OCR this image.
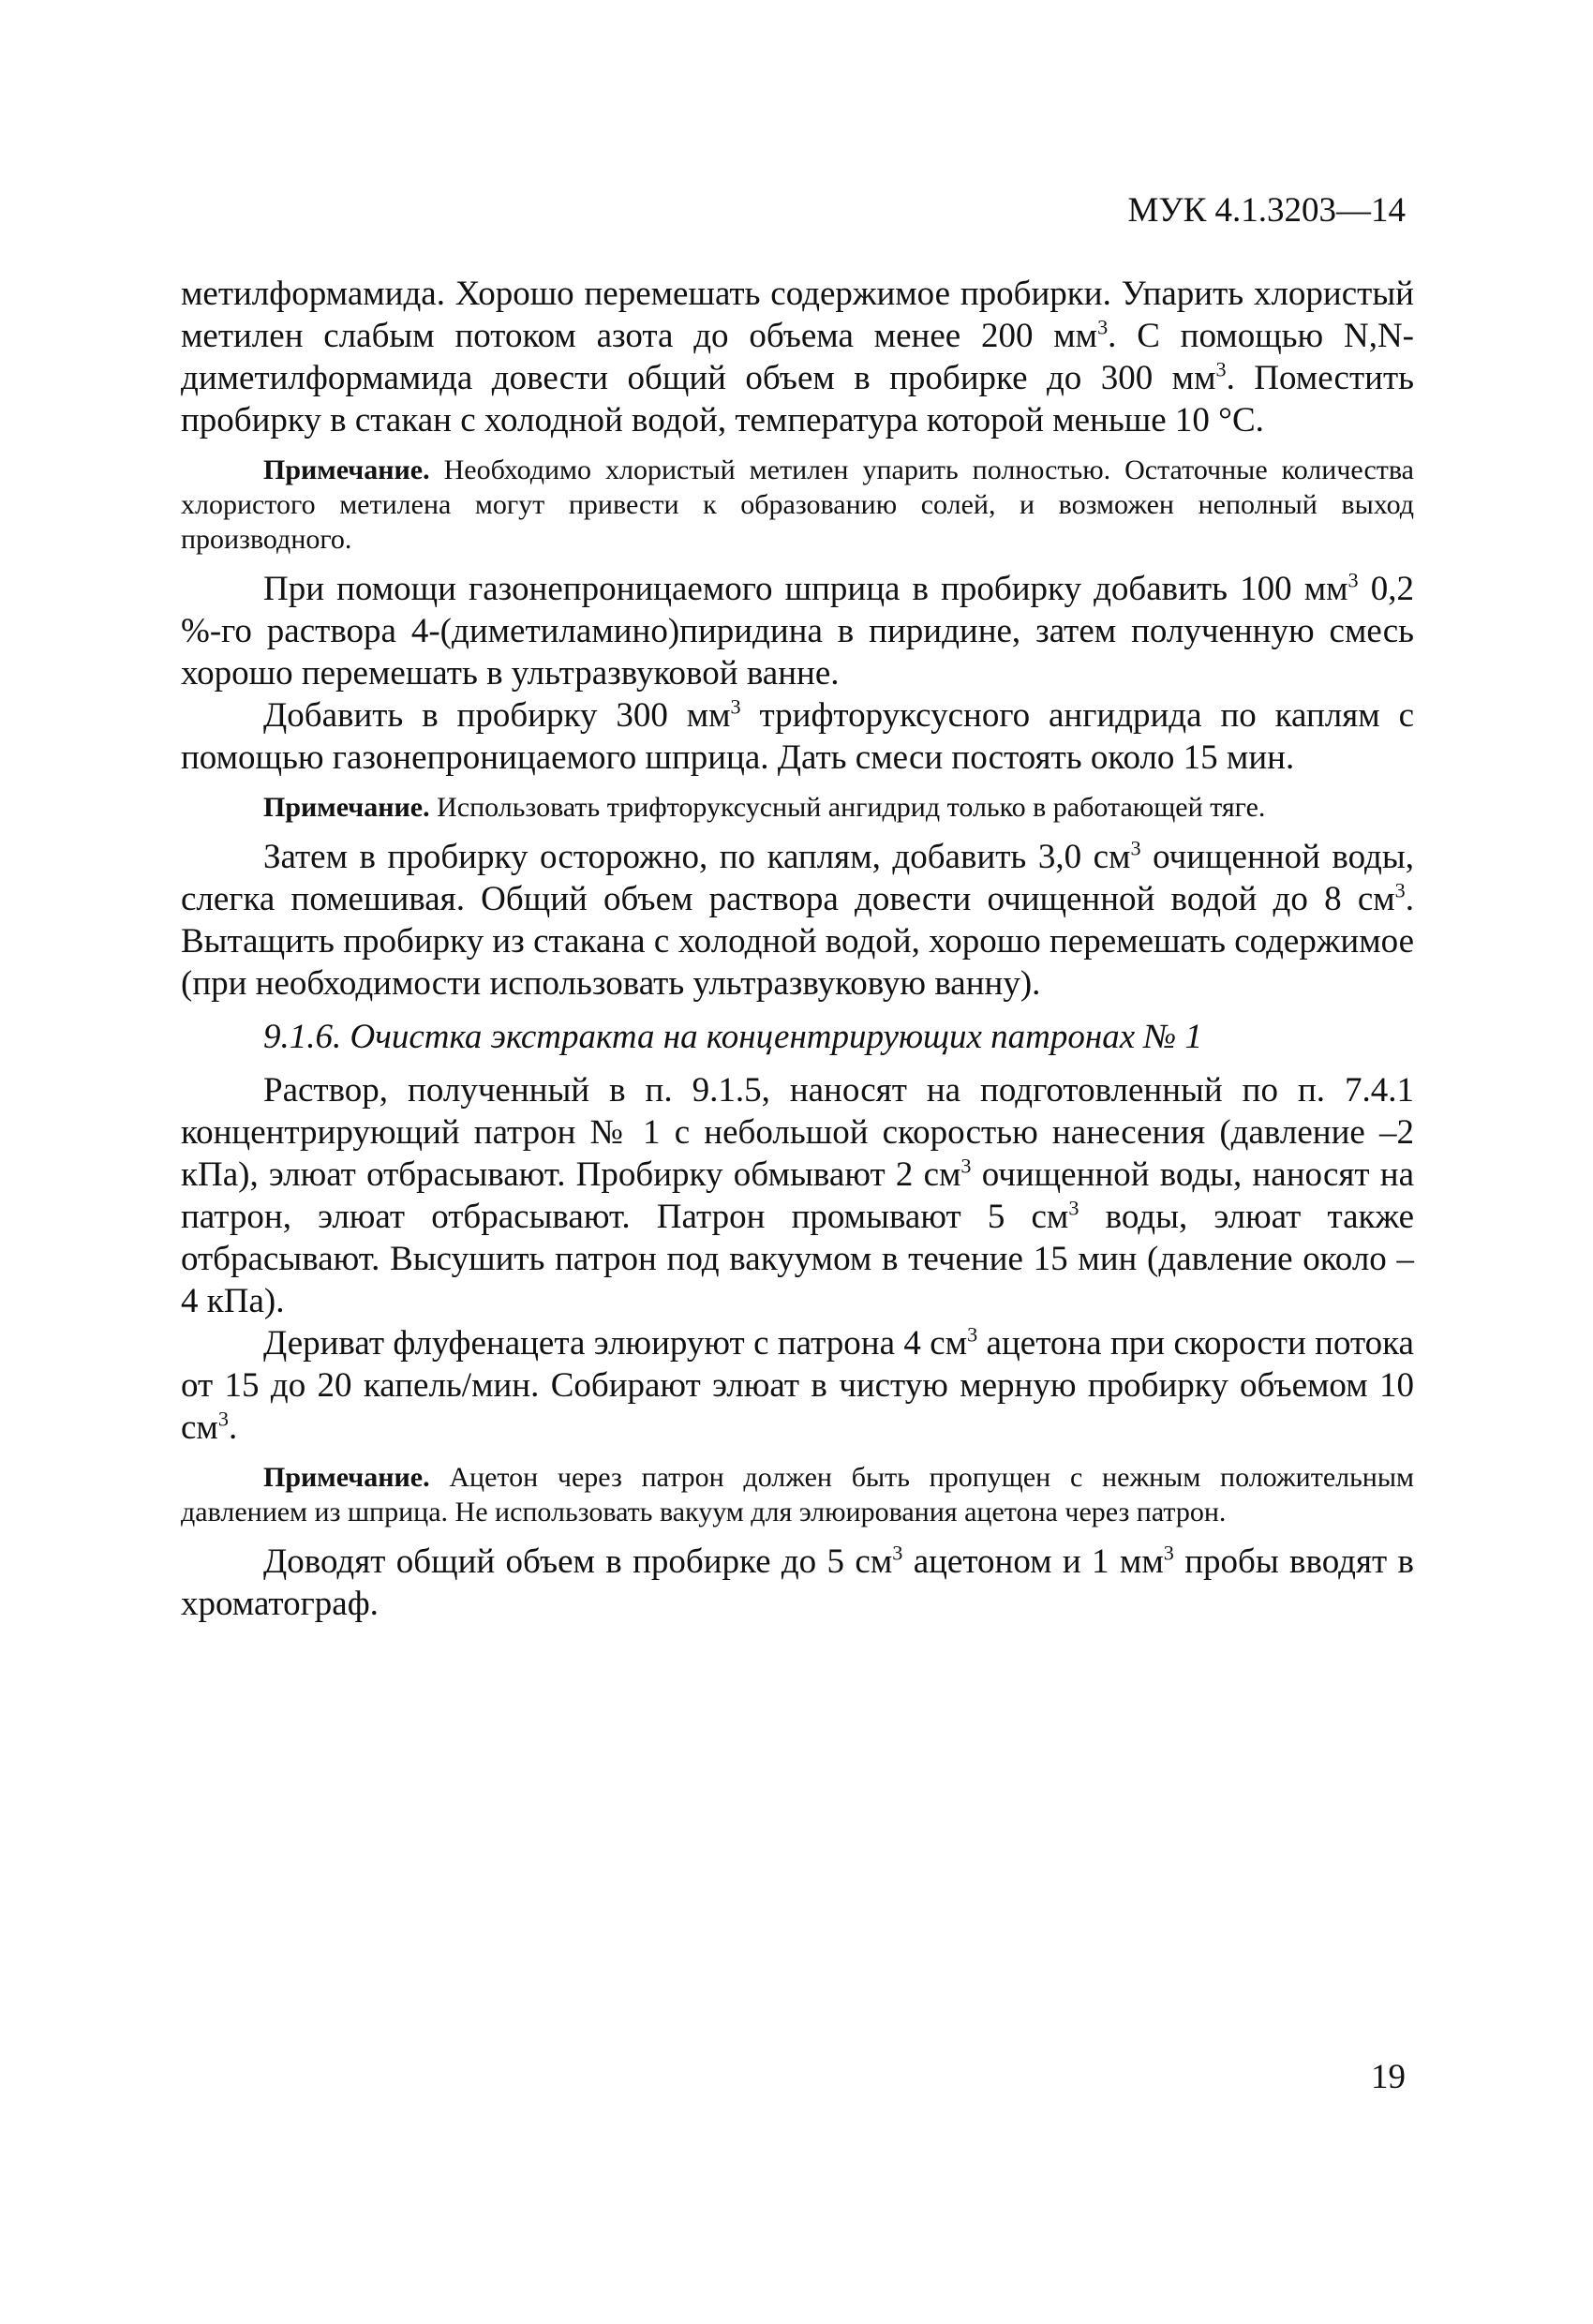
МУК 4.1.3203—14

метилформамида. Хорошо перемешать содержимое пробирки. Упарить хлористый метилен слабым потоком азота до объема менее 200 $мм^3$. С помощью N,N-диметилформамида довести общий объем в пробирке до 300 $мм^3$. Поместить пробирку в стакан с холодной водой, температура которой меньше 10 °С.

Примечание. Необходимо хлористый метилен упарить полностью. Остаточные количества хлористого метилена могут привести к образованию солей, и возможен неполный выход производного.

При помощи газонепроницаемого шприца в пробирку добавить 100 $мм^3$ 0,2 %-го раствора 4-(диметиламино)пиридина в пиридине, затем полученную смесь хорошо перемешать в ультразвуковой ванне.

Добавить в пробирку 300 $мм^3$ трифторуксусного ангидрида по каплям с помощью газонепроницаемого шприца. Дать смеси постоять около 15 мин.

Примечание. Использовать трифторуксусный ангидрид только в работающей тяге.

Затем в пробирку осторожно, по каплям, добавить 3,0 $см^3$ очищенной воды, слегка помешивая. Общий объем раствора довести очищенной водой до 8 $см^3$. Вытащить пробирку из стакана с холодной водой, хорошо перемешать содержимое (при необходимости использовать ультразвуковую ванну).

9.1.6. Очистка экстракта на концентрирующих патронах № 1

Раствор, полученный в п. 9.1.5, наносят на подготовленный по п. 7.4.1 концентрирующий патрон № 1 с небольшой скоростью нанесения (давление –2 кПа), элюат отбрасывают. Пробирку обмывают 2 $см^3$ очищенной воды, наносят на патрон, элюат отбрасывают. Патрон промывают 5 $см^3$ воды, элюат также отбрасывают. Высушить патрон под вакуумом в течение 15 мин (давление около –4 кПа).

Дериват флуфенацета элюируют с патрона 4 $см^3$ ацетона при скорости потока от 15 до 20 капель/мин. Собирают элюат в чистую мерную пробирку объемом 10 $см^3$.

Примечание. Ацетон через патрон должен быть пропущен с нежным положительным давлением из шприца. Не использовать вакуум для элюирования ацетона через патрон.

Доводят общий объем в пробирке до 5 $см^3$ ацетоном и 1 $мм^3$ пробы вводят в хроматограф.

19
